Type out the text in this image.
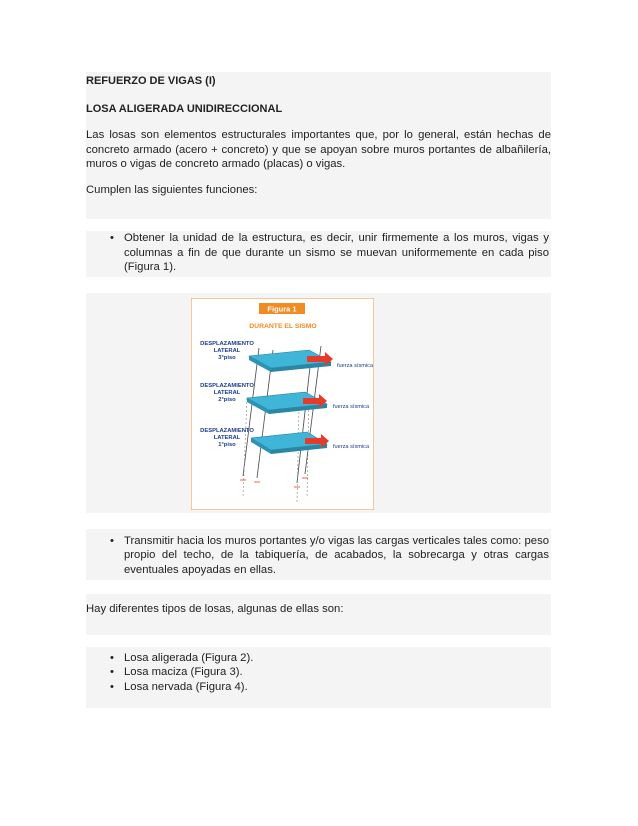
REFUERZO DE VIGAS (I)

LOSA ALIGERADA UNIDIRECCIONAL

Las losas son elementos estructurales importantes que, por lo general, están hechas de concreto armado (acero + concreto) y que se apoyan sobre muros portantes de albañilería, muros o vigas de concreto armado (placas) o vigas.

Cumplen las siguientes funciones:

• Obtener la unidad de la estructura, es decir, unir firmemente a los muros, vigas y columnas a fin de que durante un sismo se muevan uniformemente en cada piso (Figura 1).
Figura 1
DURANTE EL SISMO
DESPLAZAMIENTO
LATERAL
3°piso
fuerza sísmica
DESPLAZAMIENTO
LATERAL
2°piso
fuerza sísmica
DESPLAZAMIENTO
LATERAL
1°piso	fuerza sísmica
• Transmitir hacia los muros portantes y/o vigas las cargas verticales tales como: peso propio del techo, de la tabiquería, de acabados, la sobrecarga y otras cargas eventuales apoyadas en ellas.

Hay diferentes tipos de losas, algunas de ellas son:

• Losa aligerada (Figura 2).
• Losa maciza (Figura 3).
• Losa nervada (Figura 4).
